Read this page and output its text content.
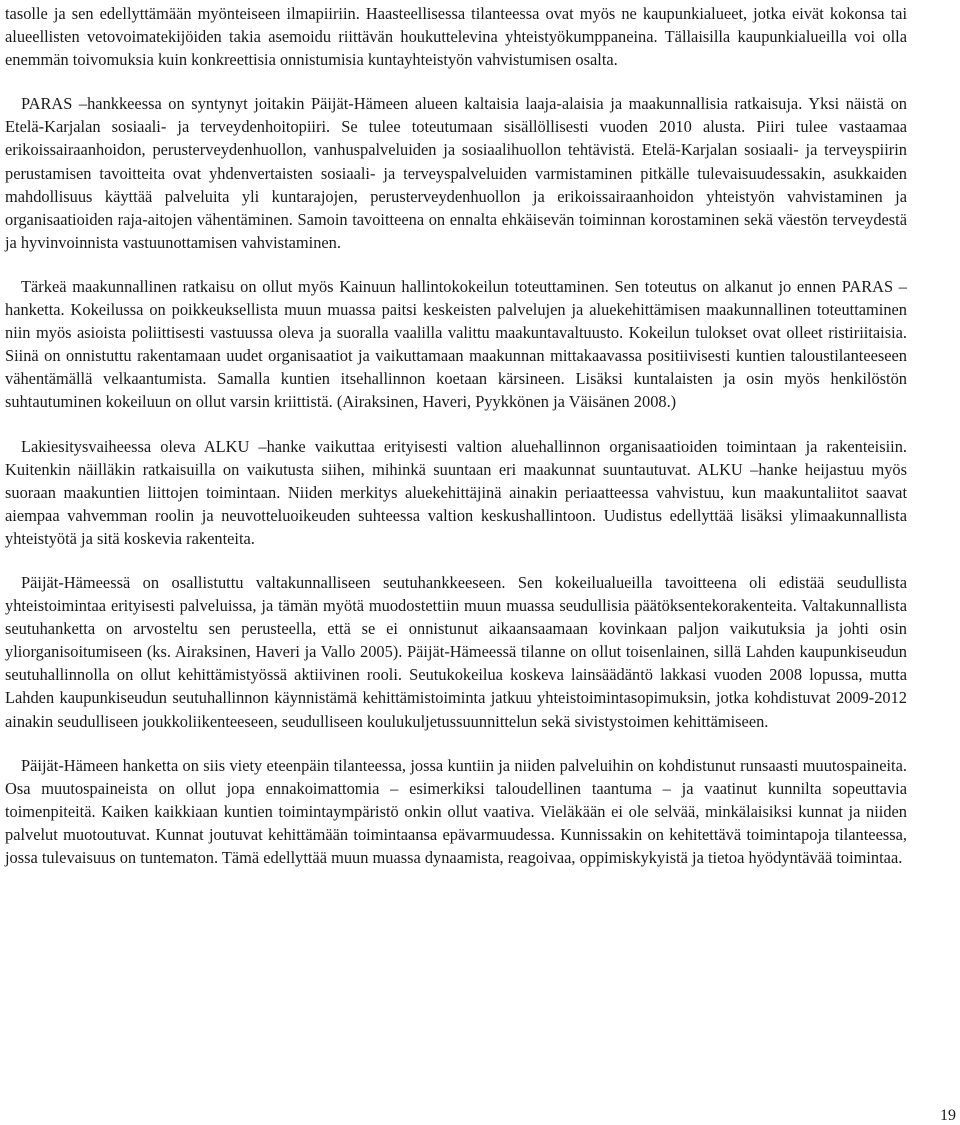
tasolle ja sen edellyttämään myönteiseen ilmapiiriin. Haasteellisessa tilanteessa ovat myös ne kaupunkialueet, jotka eivät kokonsa tai alueellisten vetovoimatekijöiden takia asemoidu riittävän houkuttelevina yhteistyökumppaneina. Tällaisilla kaupunkialueilla voi olla enemmän toivomuksia kuin konkreettisia onnistumisia kuntayhteistyön vahvistumisen osalta.

PARAS –hankkeessa on syntynyt joitakin Päijät-Hämeen alueen kaltaisia laaja-alaisia ja maakunnallisia ratkaisuja. Yksi näistä on Etelä-Karjalan sosiaali- ja terveydenhoitopiiri. Se tulee toteutumaan sisällöllisesti vuoden 2010 alusta. Piiri tulee vastaamaa erikoissairaanhoidon, perusterveydenhuollon, vanhuspalveluiden ja sosiaalihuollon tehtävistä. Etelä-Karjalan sosiaali- ja terveyspiirin perustamisen tavoitteita ovat yhdenvertaisten sosiaali- ja terveyspalveluiden varmistaminen pitkälle tulevaisuudessakin, asukkaiden mahdollisuus käyttää palveluita yli kuntarajojen, perusterveydenhuollon ja erikoissairaanhoidon yhteistyön vahvistaminen ja organisaatioiden raja-aitojen vähentäminen. Samoin tavoitteena on ennalta ehkäisevän toiminnan korostaminen sekä väestön terveydestä ja hyvinvoinnista vastuunottamisen vahvistaminen.

Tärkeä maakunnallinen ratkaisu on ollut myös Kainuun hallintokokeilun toteuttaminen. Sen toteutus on alkanut jo ennen PARAS –hanketta. Kokeilussa on poikkeuksellista muun muassa paitsi keskeisten palvelujen ja aluekehittämisen maakunnallinen toteuttaminen niin myös asioista poliittisesti vastuussa oleva ja suoralla vaalilla valittu maakuntavaltuusto. Kokeilun tulokset ovat olleet ristiriitaisia. Siinä on onnistuttu rakentamaan uudet organisaatiot ja vaikuttamaan maakunnan mittakaavassa positiivisesti kuntien taloustilanteeseen vähentämällä velkaantumista. Samalla kuntien itsehallinnon koetaan kärsineen. Lisäksi kuntalaisten ja osin myös henkilöstön suhtautuminen kokeiluun on ollut varsin kriittistä. (Airaksinen, Haveri, Pyykkönen ja Väisänen 2008.)

Lakiesitysvaiheessa oleva ALKU –hanke vaikuttaa erityisesti valtion aluehallinnon organisaatioiden toimintaan ja rakenteisiin. Kuitenkin näilläkin ratkaisuilla on vaikutusta siihen, mihinkä suuntaan eri maakunnat suuntautuvat. ALKU –hanke heijastuu myös suoraan maakuntien liittojen toimintaan. Niiden merkitys aluekehittäjinä ainakin periaatteessa vahvistuu, kun maakuntaliitot saavat aiempaa vahvemman roolin ja neuvotteluoikeuden suhteessa valtion keskushallintoon. Uudistus edellyttää lisäksi ylimaakunnallista yhteistyötä ja sitä koskevia rakenteita.

Päijät-Hämeessä on osallistuttu valtakunnalliseen seutuhankkeeseen. Sen kokeilualueilla tavoitteena oli edistää seudullista yhteistoimintaa erityisesti palveluissa, ja tämän myötä muodostettiin muun muassa seudullisia päätöksentekorakenteita. Valtakunnallista seutuhanketta on arvosteltu sen perusteella, että se ei onnistunut aikaansaamaan kovinkaan paljon vaikutuksia ja johti osin yliorganisoitumiseen (ks. Airaksinen, Haveri ja Vallo 2005). Päijät-Hämeessä tilanne on ollut toisenlainen, sillä Lahden kaupunkiseudun seutuhallinnolla on ollut kehittämistyössä aktiivinen rooli. Seutukokeilua koskeva lainsäädäntö lakkasi vuoden 2008 lopussa, mutta Lahden kaupunkiseudun seutuhallinnon käynnistämä kehittämistoiminta jatkuu yhteistoimintasopimuksin, jotka kohdistuvat 2009-2012 ainakin seudulliseen joukkoliikenteeseen, seudulliseen koulukuljetussuunnittelun sekä sivistystoimen kehittämiseen.

Päijät-Hämeen hanketta on siis viety eteenpäin tilanteessa, jossa kuntiin ja niiden palveluihin on kohdistunut runsaasti muutospaineita. Osa muutospaineista on ollut jopa ennakoimattomia – esimerkiksi taloudellinen taantuma – ja vaatinut kunnilta sopeuttavia toimenpiteitä. Kaiken kaikkiaan kuntien toimintaympäristö onkin ollut vaativa. Vieläkään ei ole selvää, minkälaisiksi kunnat ja niiden palvelut muotoutuvat. Kunnat joutuvat kehittämään toimintaansa epävarmuudessa. Kunnissakin on kehitettävä toimintapoja tilanteessa, jossa tulevaisuus on tuntematon. Tämä edellyttää muun muassa dynaamista, reagoivaa, oppimiskykyistä ja tietoa hyödyntävää toimintaa.

19
